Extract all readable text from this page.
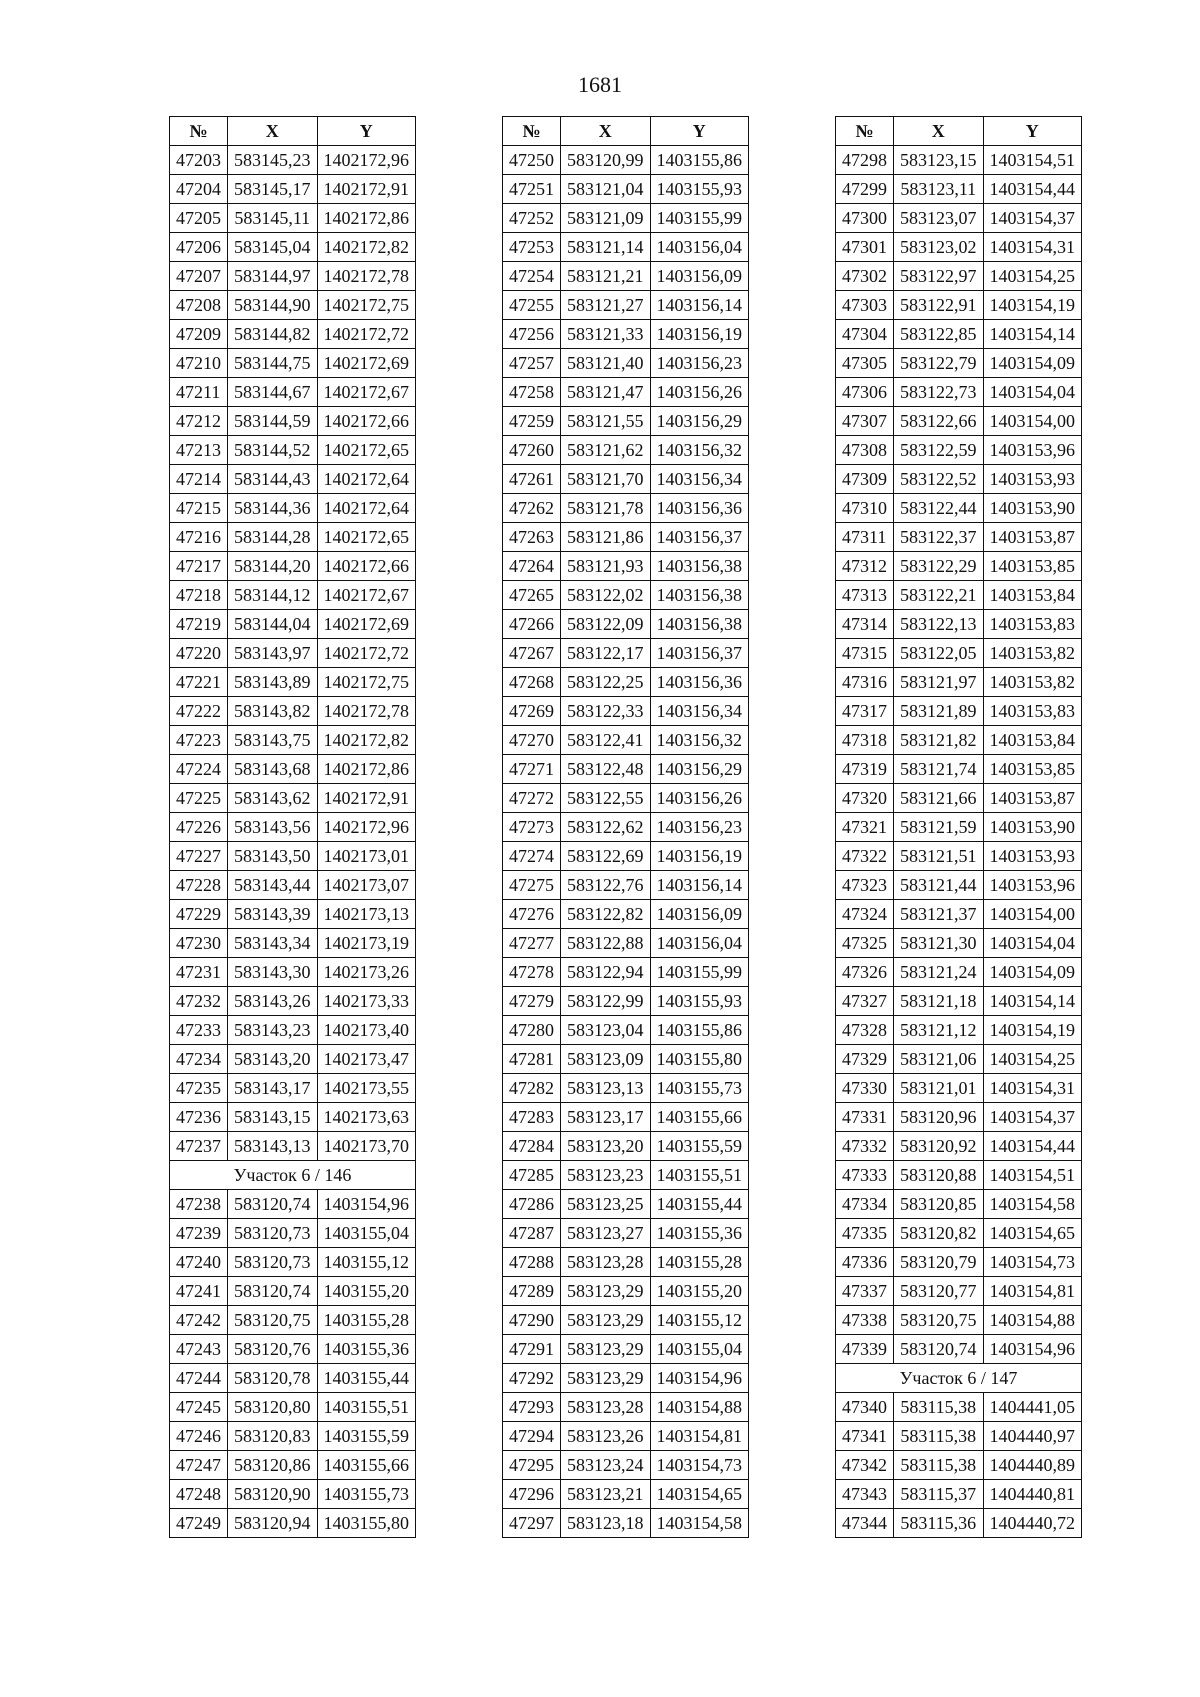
1681
№	X	Y
47203	583145,23	1402172,96
47204	583145,17	1402172,91
47205	583145,11	1402172,86
47206	583145,04	1402172,82
47207	583144,97	1402172,78
47208	583144,90	1402172,75
47209	583144,82	1402172,72
47210	583144,75	1402172,69
47211	583144,67	1402172,67
47212	583144,59	1402172,66
47213	583144,52	1402172,65
47214	583144,43	1402172,64
47215	583144,36	1402172,64
47216	583144,28	1402172,65
47217	583144,20	1402172,66
47218	583144,12	1402172,67
47219	583144,04	1402172,69
47220	583143,97	1402172,72
47221	583143,89	1402172,75
47222	583143,82	1402172,78
47223	583143,75	1402172,82
47224	583143,68	1402172,86
47225	583143,62	1402172,91
47226	583143,56	1402172,96
47227	583143,50	1402173,01
47228	583143,44	1402173,07
47229	583143,39	1402173,13
47230	583143,34	1402173,19
47231	583143,30	1402173,26
47232	583143,26	1402173,33
47233	583143,23	1402173,40
47234	583143,20	1402173,47
47235	583143,17	1402173,55
47236	583143,15	1402173,63
47237	583143,13	1402173,70
Участок 6 / 146		
47238	583120,74	1403154,96
47239	583120,73	1403155,04
47240	583120,73	1403155,12
47241	583120,74	1403155,20
47242	583120,75	1403155,28
47243	583120,76	1403155,36
47244	583120,78	1403155,44
47245	583120,80	1403155,51
47246	583120,83	1403155,59
47247	583120,86	1403155,66
47248	583120,90	1403155,73
47249	583120,94	1403155,80
№	X	Y
47250	583120,99	1403155,86
47251	583121,04	1403155,93
47252	583121,09	1403155,99
47253	583121,14	1403156,04
47254	583121,21	1403156,09
47255	583121,27	1403156,14
47256	583121,33	1403156,19
47257	583121,40	1403156,23
47258	583121,47	1403156,26
47259	583121,55	1403156,29
47260	583121,62	1403156,32
47261	583121,70	1403156,34
47262	583121,78	1403156,36
47263	583121,86	1403156,37
47264	583121,93	1403156,38
47265	583122,02	1403156,38
47266	583122,09	1403156,38
47267	583122,17	1403156,37
47268	583122,25	1403156,36
47269	583122,33	1403156,34
47270	583122,41	1403156,32
47271	583122,48	1403156,29
47272	583122,55	1403156,26
47273	583122,62	1403156,23
47274	583122,69	1403156,19
47275	583122,76	1403156,14
47276	583122,82	1403156,09
47277	583122,88	1403156,04
47278	583122,94	1403155,99
47279	583122,99	1403155,93
47280	583123,04	1403155,86
47281	583123,09	1403155,80
47282	583123,13	1403155,73
47283	583123,17	1403155,66
47284	583123,20	1403155,59
47285	583123,23	1403155,51
47286	583123,25	1403155,44
47287	583123,27	1403155,36
47288	583123,28	1403155,28
47289	583123,29	1403155,20
47290	583123,29	1403155,12
47291	583123,29	1403155,04
47292	583123,29	1403154,96
47293	583123,28	1403154,88
47294	583123,26	1403154,81
47295	583123,24	1403154,73
47296	583123,21	1403154,65
47297	583123,18	1403154,58
№	X	Y
47298	583123,15	1403154,51
47299	583123,11	1403154,44
47300	583123,07	1403154,37
47301	583123,02	1403154,31
47302	583122,97	1403154,25
47303	583122,91	1403154,19
47304	583122,85	1403154,14
47305	583122,79	1403154,09
47306	583122,73	1403154,04
47307	583122,66	1403154,00
47308	583122,59	1403153,96
47309	583122,52	1403153,93
47310	583122,44	1403153,90
47311	583122,37	1403153,87
47312	583122,29	1403153,85
47313	583122,21	1403153,84
47314	583122,13	1403153,83
47315	583122,05	1403153,82
47316	583121,97	1403153,82
47317	583121,89	1403153,83
47318	583121,82	1403153,84
47319	583121,74	1403153,85
47320	583121,66	1403153,87
47321	583121,59	1403153,90
47322	583121,51	1403153,93
47323	583121,44	1403153,96
47324	583121,37	1403154,00
47325	583121,30	1403154,04
47326	583121,24	1403154,09
47327	583121,18	1403154,14
47328	583121,12	1403154,19
47329	583121,06	1403154,25
47330	583121,01	1403154,31
47331	583120,96	1403154,37
47332	583120,92	1403154,44
47333	583120,88	1403154,51
47334	583120,85	1403154,58
47335	583120,82	1403154,65
47336	583120,79	1403154,73
47337	583120,77	1403154,81
47338	583120,75	1403154,88
47339	583120,74	1403154,96
Участок 6 / 147		
47340	583115,38	1404441,05
47341	583115,38	1404440,97
47342	583115,38	1404440,89
47343	583115,37	1404440,81
47344	583115,36	1404440,72
